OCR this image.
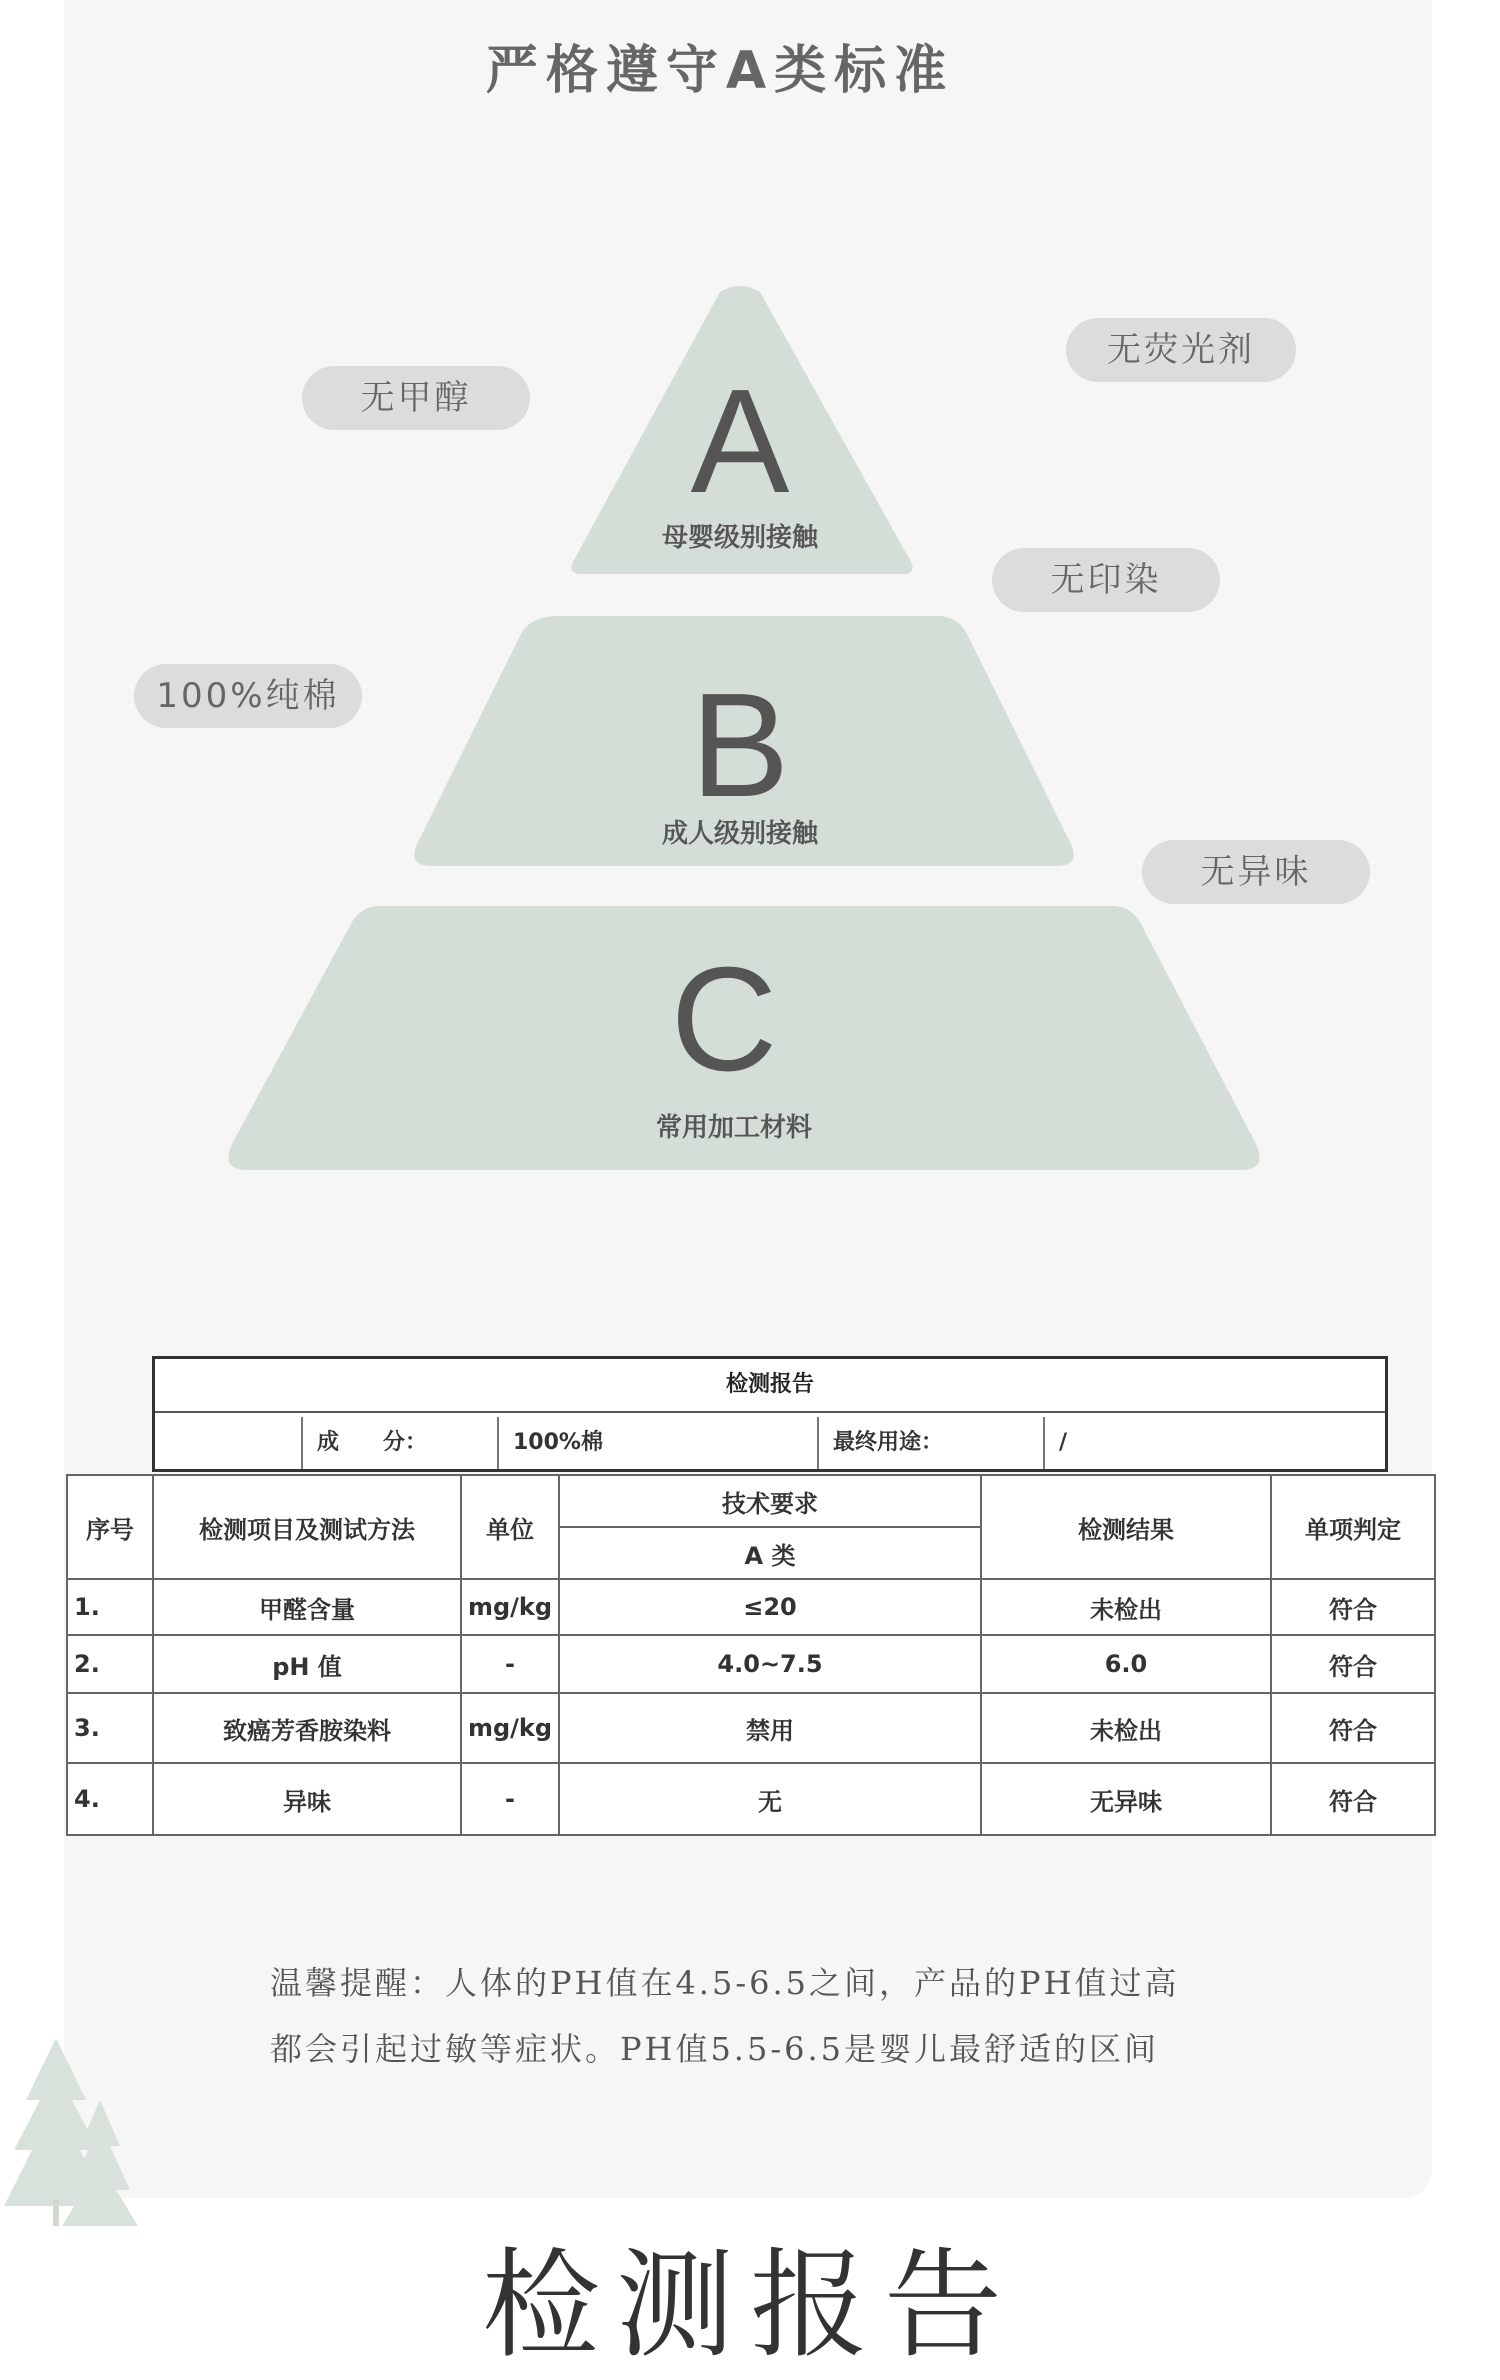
严格遵守A类标准
A
母婴级别接触
B
成人级别接触
C
常用加工材料
无甲醇
无荧光剂
无印染
100%纯棉
无异味
检测报告
成　　分：	100%棉	最终用途：	/
序号	检测项目及测试方法	单位	技术要求	检测结果	单项判定
			A 类		
1.	甲醛含量	mg/kg	≤20	未检出	符合
2.	pH 值	-	4.0~7.5	6.0	符合
3.	致癌芳香胺染料	mg/kg	禁用	未检出	符合
4.	异味	-	无	无异味	符合
温馨提醒：人体的PH值在4.5-6.5之间，产品的PH值过高
都会引起过敏等症状。PH值5.5-6.5是婴儿最舒适的区间
检测报告
